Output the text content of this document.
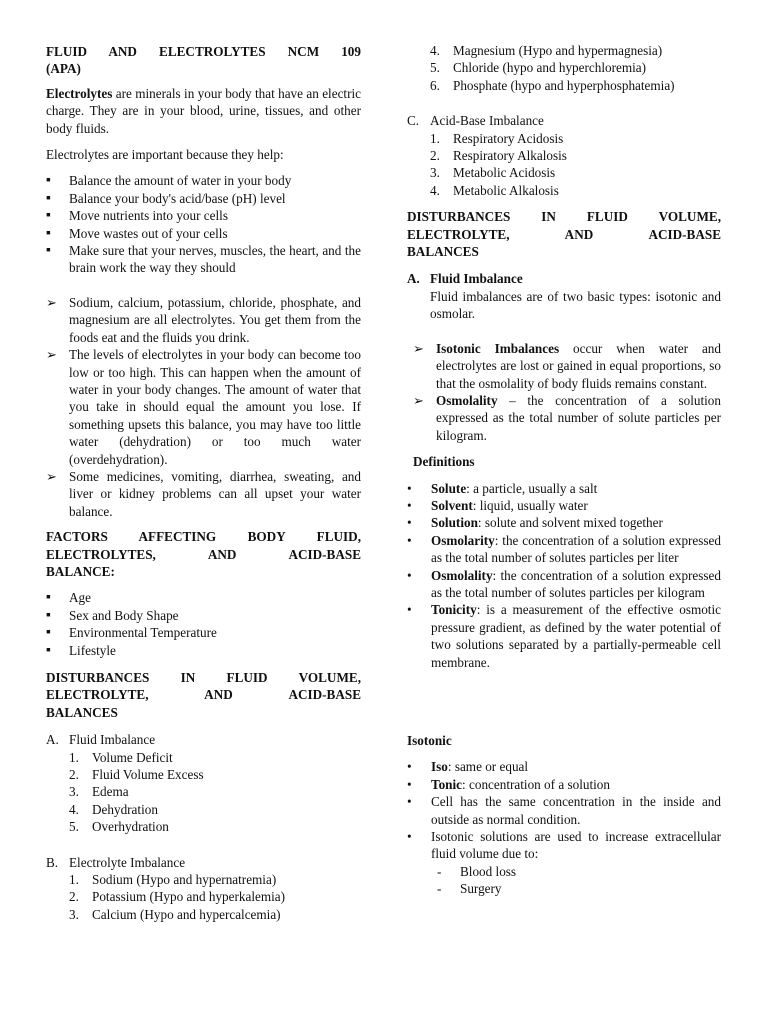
FLUID AND ELECTROLYTES NCM 109
(APA)

Electrolytes are minerals in your body that have an electric charge. They are in your blood, urine, tissues, and other body fluids.

Electrolytes are important because they help:

▪ Balance the amount of water in your body
▪ Balance your body's acid/base (pH) level
▪ Move nutrients into your cells
▪ Move wastes out of your cells
▪ Make sure that your nerves, muscles, the heart, and the brain work the way they should
➢ Sodium, calcium, potassium, chloride, phosphate, and magnesium are all electrolytes. You get them from the foods eat and the fluids you drink.
➢ The levels of electrolytes in your body can become too low or too high. This can happen when the amount of water in your body changes. The amount of water that you take in should equal the amount you lose. If something upsets this balance, you may have too little water (dehydration) or too much water (overdehydration).
➢ Some medicines, vomiting, diarrhea, sweating, and liver or kidney problems can all upset your water balance.

FACTORS AFFECTING BODY FLUID, ELECTROLYTES, AND ACID-BASE
BALANCE:

▪ Age
▪ Sex and Body Shape
▪ Environmental Temperature
▪ Lifestyle

DISTURBANCES IN FLUID VOLUME, ELECTROLYTE, AND ACID-BASE
BALANCES

A. Fluid Imbalance

1. Volume Deficit
2. Fluid Volume Excess
3. Edema
4. Dehydration
5. Overhydration

B. Electrolyte Imbalance

1. Sodium (Hypo and hypernatremia)
2. Potassium (Hypo and hyperkalemia)
3. Calcium (Hypo and hypercalcemia)
4. Magnesium (Hypo and hypermagnesia)
5. Chloride (hypo and hyperchloremia)
6. Phosphate (hypo and hyperphosphatemia)

C. Acid-Base Imbalance

1. Respiratory Acidosis
2. Respiratory Alkalosis
3. Metabolic Acidosis
4. Metabolic Alkalosis

DISTURBANCES IN FLUID VOLUME, ELECTROLYTE, AND ACID-BASE
BALANCES

A. Fluid Imbalance

Fluid imbalances are of two basic types: isotonic and osmolar.

➢ Isotonic Imbalances occur when water and electrolytes are lost or gained in equal proportions, so that the osmolality of body fluids remains constant.
➢ Osmolality – the concentration of a solution expressed as the total number of solute particles per kilogram.

Definitions

• Solute: a particle, usually a salt
• Solvent: liquid, usually water
• Solution: solute and solvent mixed together
• Osmolarity: the concentration of a solution expressed as the total number of solutes particles per liter
• Osmolality: the concentration of a solution expressed as the total number of solutes particles per kilogram
• Tonicity: is a measurement of the effective osmotic pressure gradient, as defined by the water potential of two solutions separated by a partially-permeable cell membrane.

Isotonic

• Iso: same or equal
• Tonic: concentration of a solution
• Cell has the same concentration in the inside and outside as normal condition.
• Isotonic solutions are used to increase extracellular fluid volume due to:
- Blood loss
- Surgery
